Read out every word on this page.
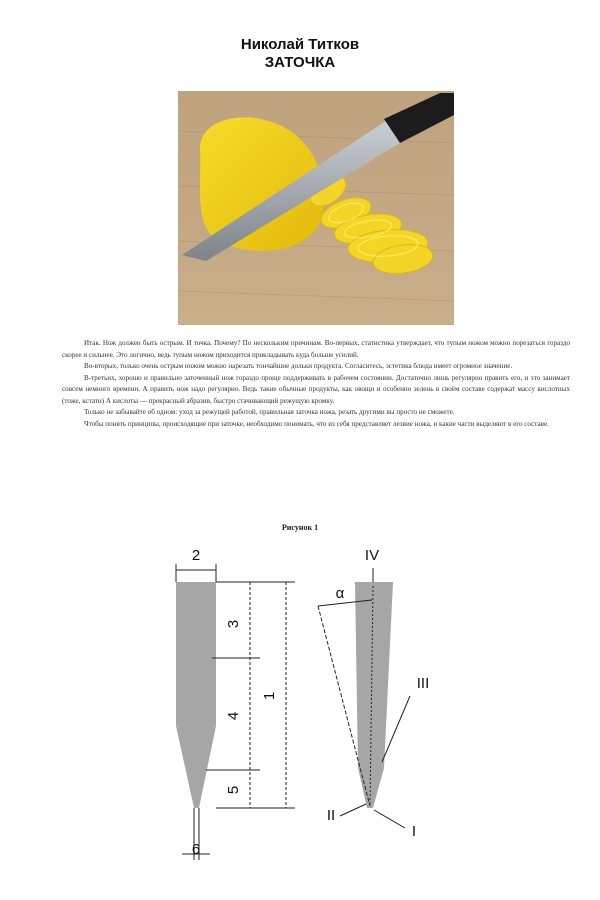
Николай Титков
ЗАТОЧКА

Итак. Нож должен быть острым. И точка. Почему? По нескольким причинам. Во-первых, статистика утверждает, что тупым ножом можно порезаться гораздо скорее и сильнее. Это логично, ведь тупым ножом приходится прикладывать куда больше усилий.

Во-вторых, только очень острым ножом можно нарезать тончайшие дольки продукта. Согласитесь, эстетика блюда имеет огромное значение.

В-третьих, хорошо и правильно заточенный нож гораздо проще поддерживать в рабочем состоянии. Достаточно лишь регулярно править его, и это занимает совсем немного времени. А править нож надо регулярно. Ведь такие обычные продукты, как овощи и особенно зелень в своём составе содержат массу кислотных (тоже, кстати) А кислоты — прекрасный абразив, быстро стачивающий режущую кромку.

Только не забывайте об одном: уход за режущей работой, правильная заточка ножа, резать другими вы просто не сможете.

Чтобы понять принципы, происходящие при заточке, необходимо понимать, что из себя представляет лезвие ножа, и какие части выделяют в его составе.

Рисунок 1
2
3
4
5
1
6
IV
α
III
II
I
